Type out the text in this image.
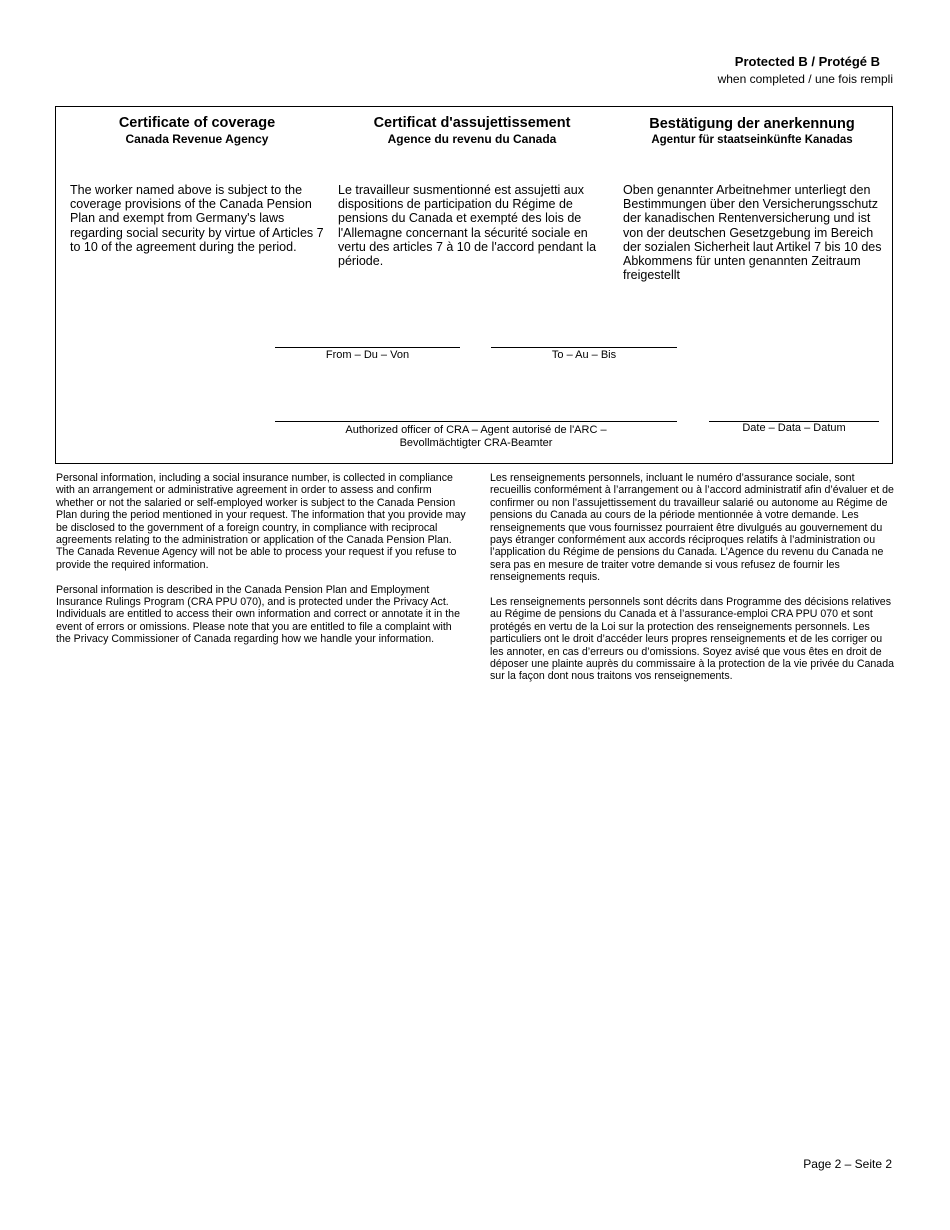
Protected B / Protégé B
when completed / une fois rempli
Certificate of coverage
Canada Revenue Agency
The worker named above is subject to the coverage provisions of the Canada Pension Plan and exempt from Germany's laws regarding social security by virtue of Articles 7 to 10 of the agreement during the period.
Certificat d'assujettissement
Agence du revenu du Canada
Le travailleur susmentionné est assujetti aux dispositions de participation du Régime de pensions du Canada et exempté des lois de l'Allemagne concernant la sécurité sociale en vertu des articles 7 à 10 de l'accord pendant la période.
Bestätigung der anerkennung
Agentur für staatseinkünfte Kanadas
Oben genannter Arbeitnehmer unterliegt den Bestimmungen über den Versicherungsschutz der kanadischen Rentenversicherung und ist von der deutschen Gesetzgebung im Bereich der sozialen Sicherheit laut Artikel 7 bis 10 des Abkommens für unten genannten Zeitraum freigestellt
From – Du – Von	To – Au – Bis
Authorized officer of CRA – Agent autorisé de l'ARC –
Bevollmächtigter CRA-Beamter
Date – Data – Datum

Personal information, including a social insurance number, is collected in compliance with an arrangement or administrative agreement in order to assess and confirm whether or not the salaried or self-employed worker is subject to the Canada Pension Plan during the period mentioned in your request. The information that you provide may be disclosed to the government of a foreign country, in compliance with reciprocal agreements relating to the administration or application of the Canada Pension Plan. The Canada Revenue Agency will not be able to process your request if you refuse to provide the required information.

Personal information is described in the Canada Pension Plan and Employment Insurance Rulings Program (CRA PPU 070), and is protected under the Privacy Act. Individuals are entitled to access their own information and correct or annotate it in the event of errors or omissions. Please note that you are entitled to file a complaint with the Privacy Commissioner of Canada regarding how we handle your information.

Les renseignements personnels, incluant le numéro d’assurance sociale, sont recueillis conformément à l’arrangement ou à l’accord administratif afin d’évaluer et de confirmer ou non l’assujettissement du travailleur salarié ou autonome au Régime de pensions du Canada au cours de la période mentionnée à votre demande. Les renseignements que vous fournissez pourraient être divulgués au gouvernement du pays étranger conformément aux accords réciproques relatifs à l’administration ou l’application du Régime de pensions du Canada. L’Agence du revenu du Canada ne sera pas en mesure de traiter votre demande si vous refusez de fournir les renseignements requis.

Les renseignements personnels sont décrits dans Programme des décisions relatives au Régime de pensions du Canada et à l’assurance-emploi CRA PPU 070 et sont protégés en vertu de la Loi sur la protection des renseignements personnels. Les particuliers ont le droit d’accéder leurs propres renseignements et de les corriger ou les annoter, en cas d’erreurs ou d’omissions. Soyez avisé que vous êtes en droit de déposer une plainte auprès du commissaire à la protection de la vie privée du Canada sur la façon dont nous traitons vos renseignements.

Page 2 – Seite 2
